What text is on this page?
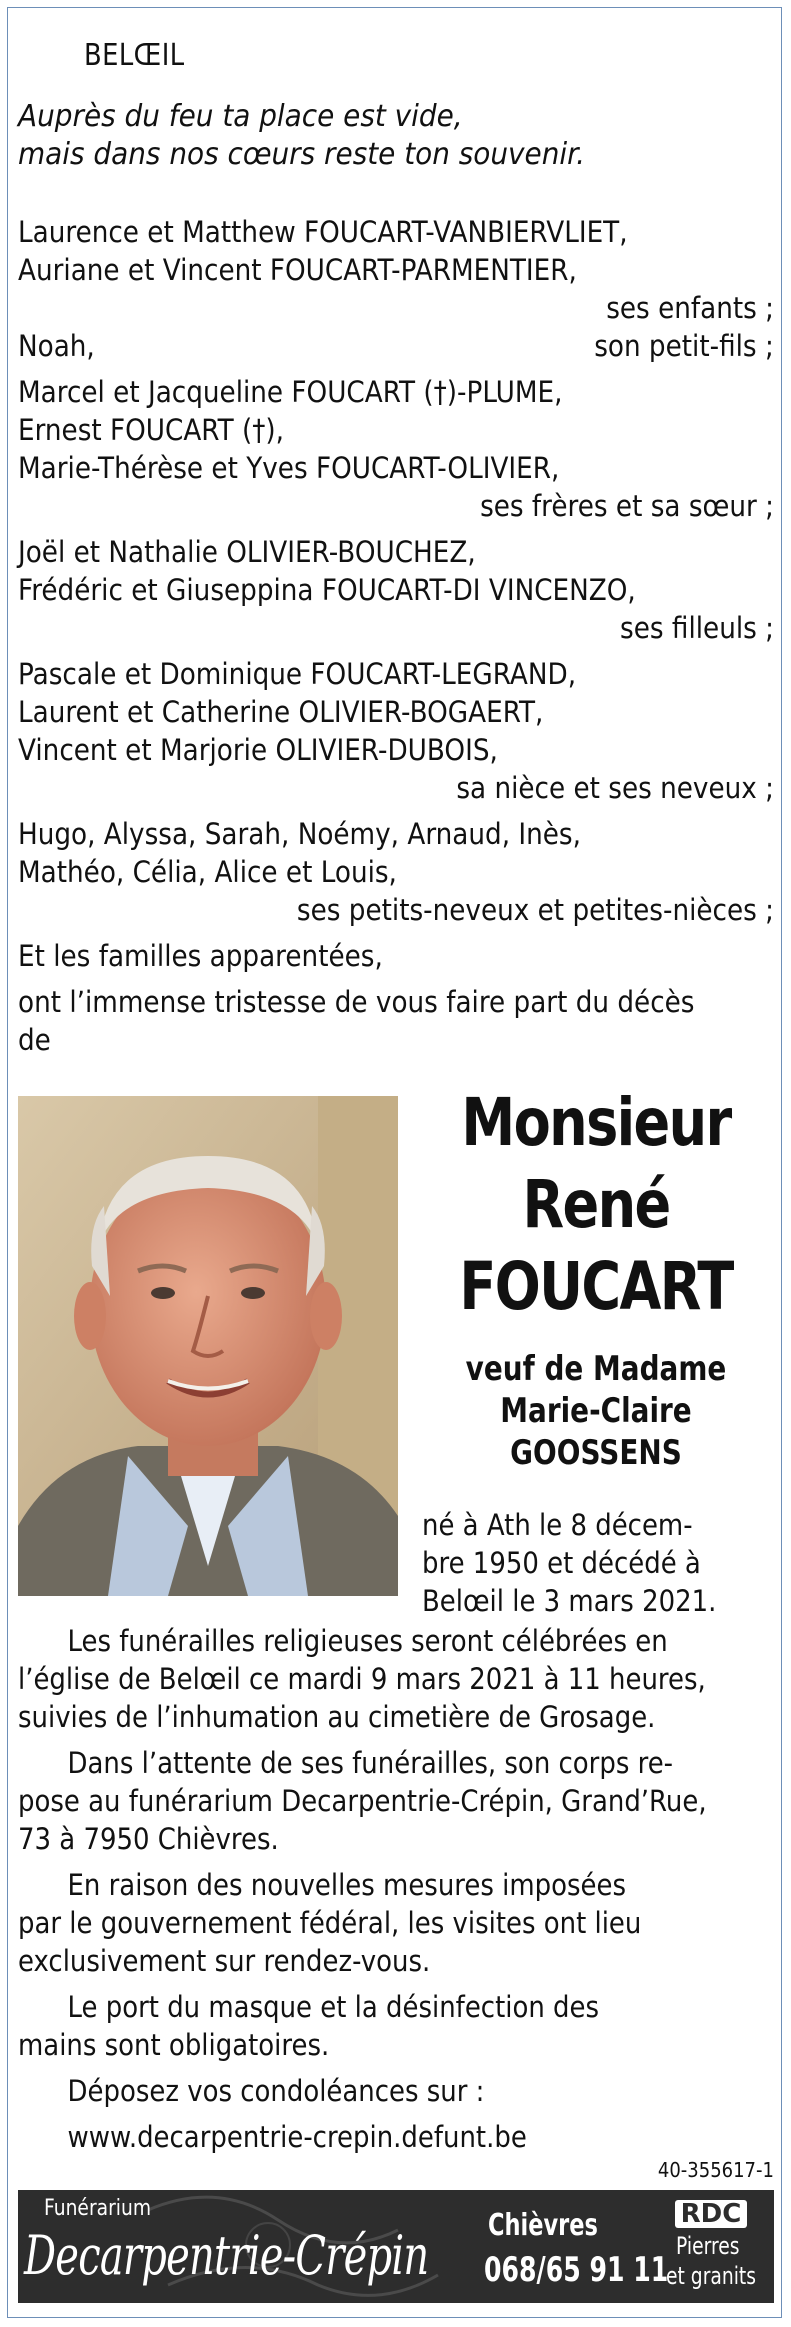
BELŒIL
Auprès du feu ta place est vide,
mais dans nos cœurs reste ton souvenir.
Laurence et Matthew FOUCART-VANBIERVLIET,
Auriane et Vincent FOUCART-PARMENTIER,
ses enfants ;
Noah,	son petit-fils ;
Marcel et Jacqueline FOUCART (†)-PLUME,
Ernest FOUCART (†),
Marie-Thérèse et Yves FOUCART-OLIVIER,
ses frères et sa sœur ;
Joël et Nathalie OLIVIER-BOUCHEZ,
Frédéric et Giuseppina FOUCART-DI VINCENZO,
ses filleuls ;
Pascale et Dominique FOUCART-LEGRAND,
Laurent et Catherine OLIVIER-BOGAERT,
Vincent et Marjorie OLIVIER-DUBOIS,
sa nièce et ses neveux ;
Hugo, Alyssa, Sarah, Noémy, Arnaud, Inès,
Mathéo, Célia, Alice et Louis,
ses petits-neveux et petites-nièces ;
Et les familles apparentées,
ont l’immense tristesse de vous faire part du décès
de
Monsieur
René
FOUCART
veuf de Madame
Marie-Claire
GOOSSENS
né à Ath le 8 décem-
bre 1950 et décédé à
Belœil le 3 mars 2021.
Les funérailles religieuses seront célébrées en
l’église de Belœil ce mardi 9 mars 2021 à 11 heures,
suivies de l’inhumation au cimetière de Grosage.
Dans l’attente de ses funérailles, son corps re-
pose au funérarium Decarpentrie-Crépin, Grand’Rue,
73 à 7950 Chièvres.
En raison des nouvelles mesures imposées
par le gouvernement fédéral, les visites ont lieu
exclusivement sur rendez-vous.
Le port du masque et la désinfection des
mains sont obligatoires.
Déposez vos condoléances sur :
www.decarpentrie-crepin.defunt.be
40-355617-1
Funérarium
Decarpentrie-Crépin Chièvres
068/65 91 11
RDC
Pierres
et granits
